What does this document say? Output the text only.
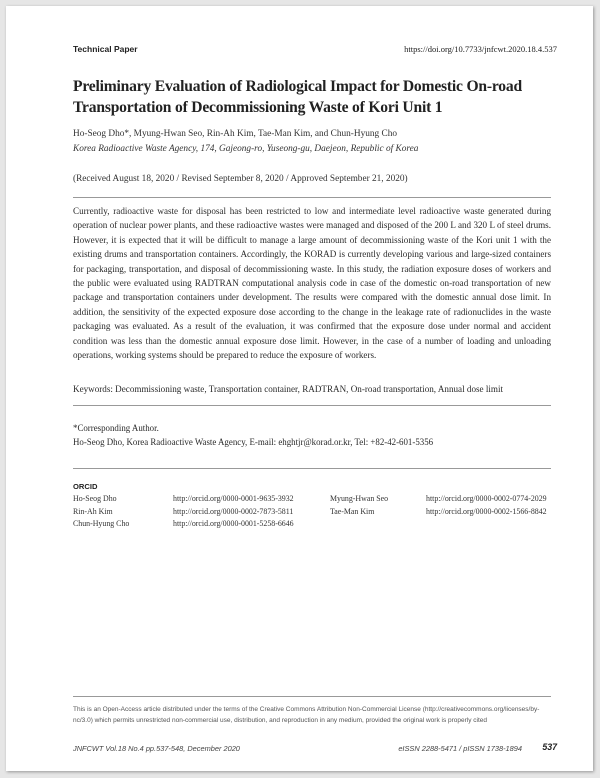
Technical Paper	https://doi.org/10.7733/jnfcwt.2020.18.4.537
Preliminary Evaluation of Radiological Impact for Domestic On-road
Transportation of Decommissioning Waste of Kori Unit 1
Ho-Seog Dho*, Myung-Hwan Seo, Rin-Ah Kim, Tae-Man Kim, and Chun-Hyung Cho
Korea Radioactive Waste Agency, 174, Gajeong-ro, Yuseong-gu, Daejeon, Republic of Korea
(Received August 18, 2020 / Revised September 8, 2020 / Approved September 21, 2020)
Currently, radioactive waste for disposal has been restricted to low and intermediate level radioactive waste generated during operation of nuclear power plants, and these radioactive wastes were managed and disposed of the 200 L and 320 L of steel drums. However, it is expected that it will be difficult to manage a large amount of decommissioning waste of the Kori unit 1 with the existing drums and transportation containers. Accordingly, the KORAD is currently developing various and large-sized containers for packaging, transportation, and disposal of decommissioning waste. In this study, the radiation exposure doses of workers and the public were evaluated using RADTRAN computational analysis code in case of the domestic on-road transportation of new package and transportation containers under development. The results were compared with the domestic annual dose limit. In addition, the sensitivity of the expected exposure dose according to the change in the leakage rate of radionuclides in the waste packaging was evaluated. As a result of the evaluation, it was confirmed that the exposure dose under normal and accident condition was less than the domestic annual exposure dose limit. However, in the case of a number of loading and unloading operations, working systems should be prepared to reduce the exposure of workers.
Keywords: Decommissioning waste, Transportation container, RADTRAN, On-road transportation, Annual dose limit
*Corresponding Author.
Ho-Seog Dho, Korea Radioactive Waste Agency, E-mail: ehghtjr@korad.or.kr, Tel: +82-42-601-5356
ORCID
Ho-Seog Dho	http://orcid.org/0000-0001-9635-3932	Myung-Hwan Seo	http://orcid.org/0000-0002-0774-2029
Rin-Ah Kim	http://orcid.org/0000-0002-7873-5811	Tae-Man Kim	http://orcid.org/0000-0002-1566-8842
Chun-Hyung Cho	http://orcid.org/0000-0001-5258-6646		
This is an Open-Access article distributed under the terms of the Creative Commons Attribution Non-Commercial License (http://creativecommons.org/licenses/by-nc/3.0) which permits unrestricted non-commercial use, distribution, and reproduction in any medium, provided the original work is properly cited
JNFCWT Vol.18 No.4 pp.537-548, December 2020	eISSN 2288-5471 / pISSN 1738-1894 537
